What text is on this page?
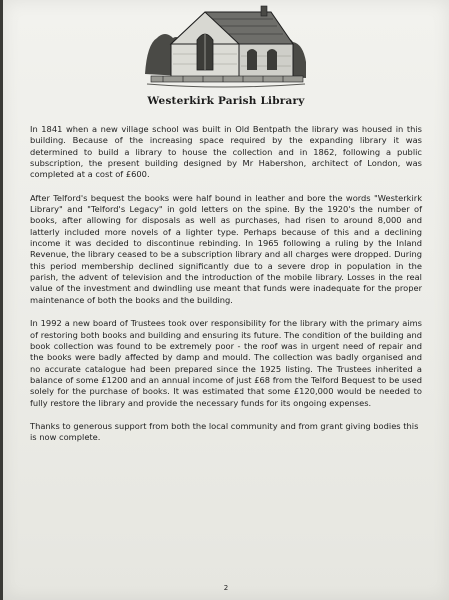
Westerkirk Parish Library

In 1841 when a new village school was built in Old Bentpath the library was housed in this building. Because of the increasing space required by the expanding library it was determined to build a library to house the collection and in 1862, following a public subscription, the present building designed by Mr Habershon, architect of London, was completed at a cost of £600.

After Telford's bequest the books were half bound in leather and bore the words "Westerkirk Library" and "Telford's Legacy" in gold letters on the spine. By the 1920's the number of books, after allowing for disposals as well as purchases, had risen to around 8,000 and latterly included more novels of a lighter type. Perhaps because of this and a declining income it was decided to discontinue rebinding. In 1965 following a ruling by the Inland Revenue, the library ceased to be a subscription library and all charges were dropped. During this period membership declined significantly due to a severe drop in population in the parish, the advent of television and the introduction of the mobile library. Losses in the real value of the investment and dwindling use meant that funds were inadequate for the proper maintenance of both the books and the building.

In 1992 a new board of Trustees took over responsibility for the library with the primary aims of restoring both books and building and ensuring its future. The condition of the building and book collection was found to be extremely poor - the roof was in urgent need of repair and the books were badly affected by damp and mould. The collection was badly organised and no accurate catalogue had been prepared since the 1925 listing. The Trustees inherited a balance of some £1200 and an annual income of just £68 from the Telford Bequest to be used solely for the purchase of books. It was estimated that some £120,000 would be needed to fully restore the library and provide the necessary funds for its ongoing expenses.

Thanks to generous support from both the local community and from grant giving bodies this is now complete.

2
